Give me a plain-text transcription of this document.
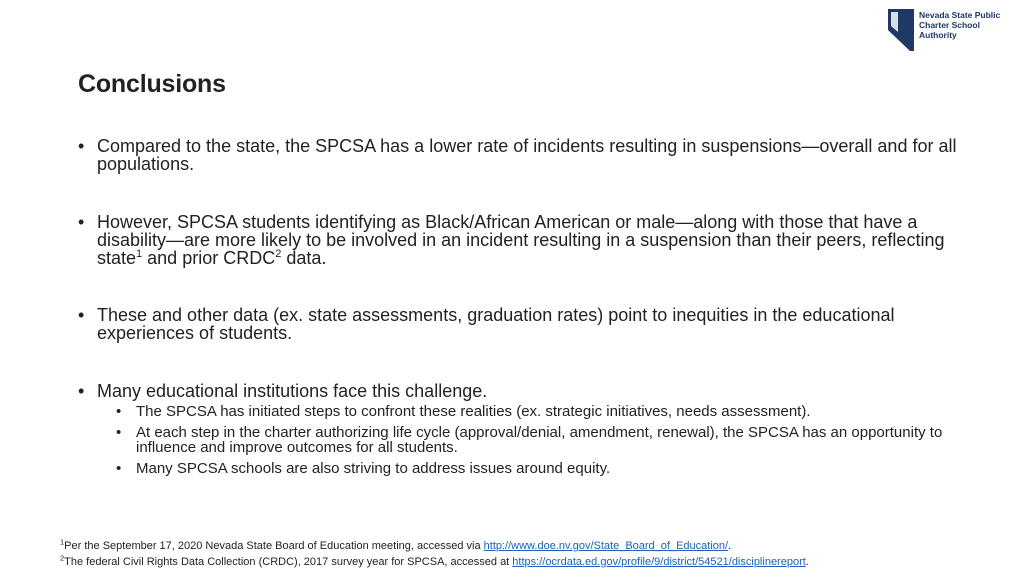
Nevada State Public
Charter School
Authority
Conclusions
• Compared to the state, the SPCSA has a lower rate of incidents resulting in suspensions—overall and for all populations.
• However, SPCSA students identifying as Black/African American or male—along with those that have a disability—are more likely to be involved in an incident resulting in a suspension than their peers, reflecting state$^1$ and prior CRDC$^2$ data.
• These and other data (ex. state assessments, graduation rates) point to inequities in the educational experiences of students.
• Many educational institutions face this challenge.
• The SPCSA has initiated steps to confront these realities (ex. strategic initiatives, needs assessment).
• At each step in the charter authorizing life cycle (approval/denial, amendment, renewal), the SPCSA has an opportunity to influence and improve outcomes for all students.
• Many SPCSA schools are also striving to address issues around equity.
$^1$Per the September 17, 2020 Nevada State Board of Education meeting, accessed via http://www.doe.nv.gov/State_Board_of_Education/.
$^2$The federal Civil Rights Data Collection (CRDC), 2017 survey year for SPCSA, accessed at https://ocrdata.ed.gov/profile/9/district/54521/disciplinereport.
